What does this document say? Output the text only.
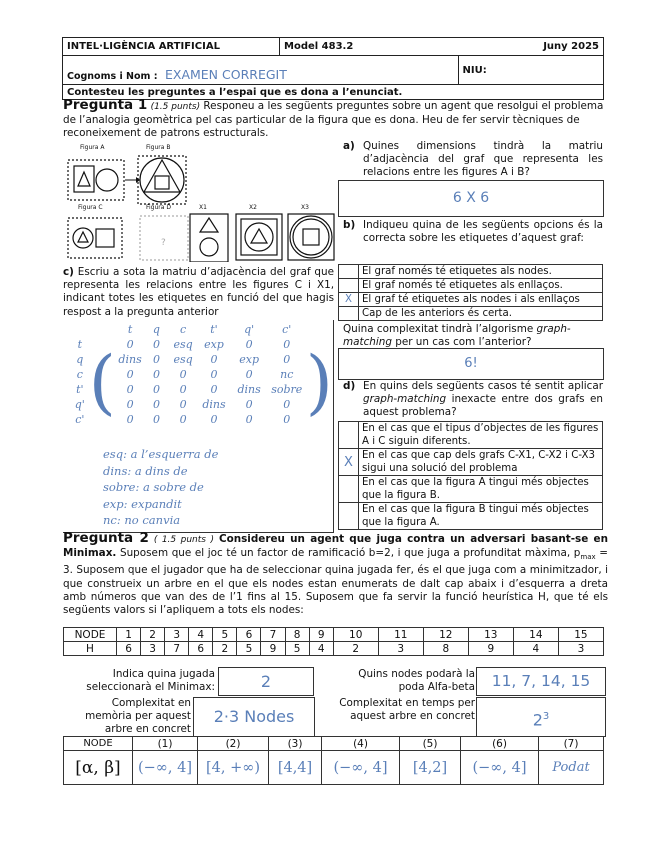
INTEL·LIGÈNCIA ARTIFICIAL	Model 483.2	Juny 2025
Cognoms i Nom : EXAMEN CORREGIT		NIU:
Contesteu les preguntes a l’espai que es dona a l’enunciat.		
Pregunta 1 (1.5 punts) Responeu a les següents preguntes sobre un agent que resolgui el problema de l’analogia geomètrica pel cas particular de la figura que es dona. Heu de fer servir tècniques de reconeixement de patrons estructurals.
Figura A	Figura B
?
Figura C	Figura D	X1	X2	X3
a) Quines dimensions tindrà la matriu d’adjacència del graf que representa les relacions entre les figures A i B?
6 X 6
b) Indiqueu quina de les següents opcions és la correcta sobre les etiquetes d’aquest graf:
	El graf només té etiquetes als nodes.
	El graf només té etiquetes als enllaços.
X	El graf té etiquetes als nodes i als enllaços
	Cap de les anteriors és certa.
c) Escriu a sota la matriu d’adjacència del graf que representa les relacions entre les figures C i X1, indicant totes les etiquetes en funció del que hagis respost a la pregunta anterior
		t	q	c	t'	q'	c'	
t	(	0	0	esq	exp	0	0	)
q		dins	0	esq	0	exp	0	
c		0	0	0	0	0	nc	
t'		0	0	0	0	dins	sobre	
q'		0	0	0	dins	0	0	
c'		0	0	0	0	0	0	
esq: a l’esquerra de
dins: a dins de
sobre: a sobre de
exp: expandit
nc: no canvia
Quina complexitat tindrà l’algorisme graph-matching per un cas com l’anterior?
6!
d) En quins dels següents casos té sentit aplicar graph-matching inexacte entre dos grafs en aquest problema?
	En el cas que el tipus d’objectes de les figures A i C siguin diferents.
X	En el cas que cap dels grafs C-X1, C-X2 i C-X3 sigui una solució del problema
	En el cas que la figura A tingui més objectes que la figura B.
	En el cas que la figura B tingui més objectes que la figura A.
Pregunta 2 ( 1.5 punts ) Considereu un agent que juga contra un adversari basant-se en Minimax. Suposem que el joc té un factor de ramificació b=2, i que juga a profunditat màxima, $p_{max} = 3$. Suposem que el jugador que ha de seleccionar quina jugada fer, és el que juga com a minimitzador, i que construeix un arbre en el que els nodes estan enumerats de dalt cap abaix i d’esquerra a dreta amb números que van des de l’1 fins al 15. Suposem que fa servir la funció heurística H, que té els següents valors si l’apliquem a tots els nodes:
NODE	1	2	3	4	5	6	7	8	9	10	11	12	13	14	15
H	6	3	7	6	2	5	9	5	4	2	3	8	9	4	3
Indica quina jugada seleccionarà el Minimax:	2	Quins nodes podarà la poda Alfa-beta	11, 7, 14, 15
Complexitat en memòria per aquest arbre en concret
2·3 Nodes
Complexitat en temps per aquest arbre en concret	$2^3$
NODE	(1)	(2)	(3)	(4)	(5)	(6)	(7)
[α, β]	(−∞, 4]	[4, +∞)	[4,4]	(−∞, 4]	[4,2]	(−∞, 4]	Podat
